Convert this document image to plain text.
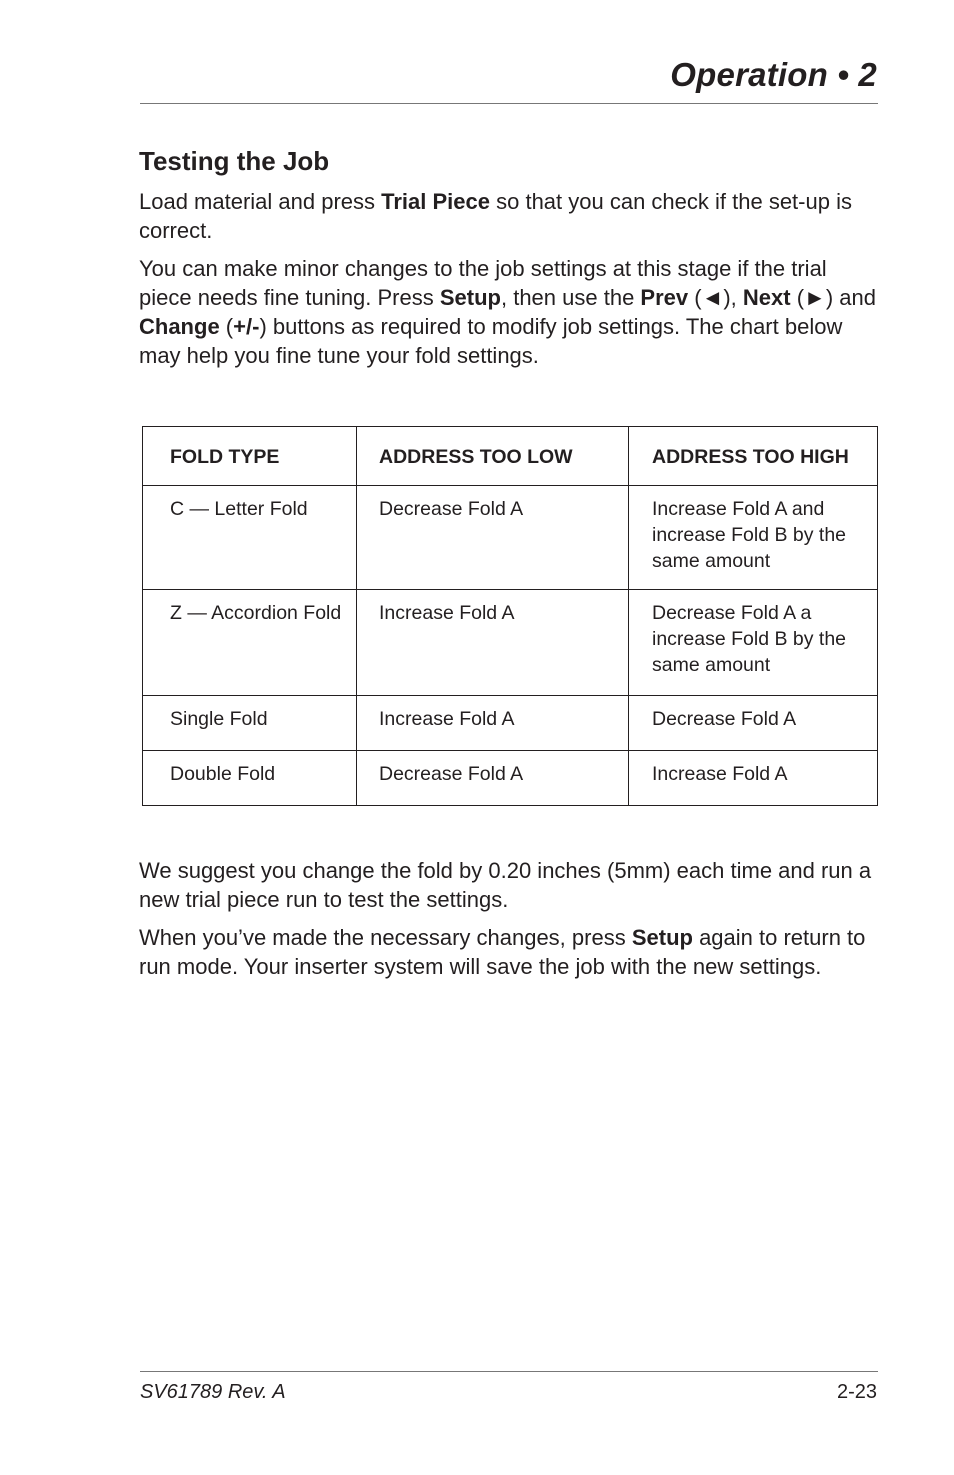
Operation • 2
Testing the Job

Load material and press Trial Piece so that you can check if the set-up is correct.

You can make minor changes to the job settings at this stage if the trial piece needs fine tuning. Press Setup, then use the Prev (◄), Next (►) and Change (+/-) buttons as required to modify job settings. The chart below may help you fine tune your fold settings.

FOLD TYPE	ADDRESS TOO LOW	ADDRESS TOO HIGH
C — Letter Fold	Decrease Fold A	Increase Fold A and increase Fold B by the same amount
Z — Accordion Fold	Increase Fold A	Decrease Fold A a increase Fold B by the same amount
Single Fold	Increase Fold A	Decrease Fold A
Double Fold	Decrease Fold A	Increase Fold A

We suggest you change the fold by 0.20 inches (5mm) each time and run a new trial piece run to test the settings.

When you’ve made the necessary changes, press Setup again to return to run mode. Your inserter system will save the job with the new settings.

SV61789 Rev. A	2-23
